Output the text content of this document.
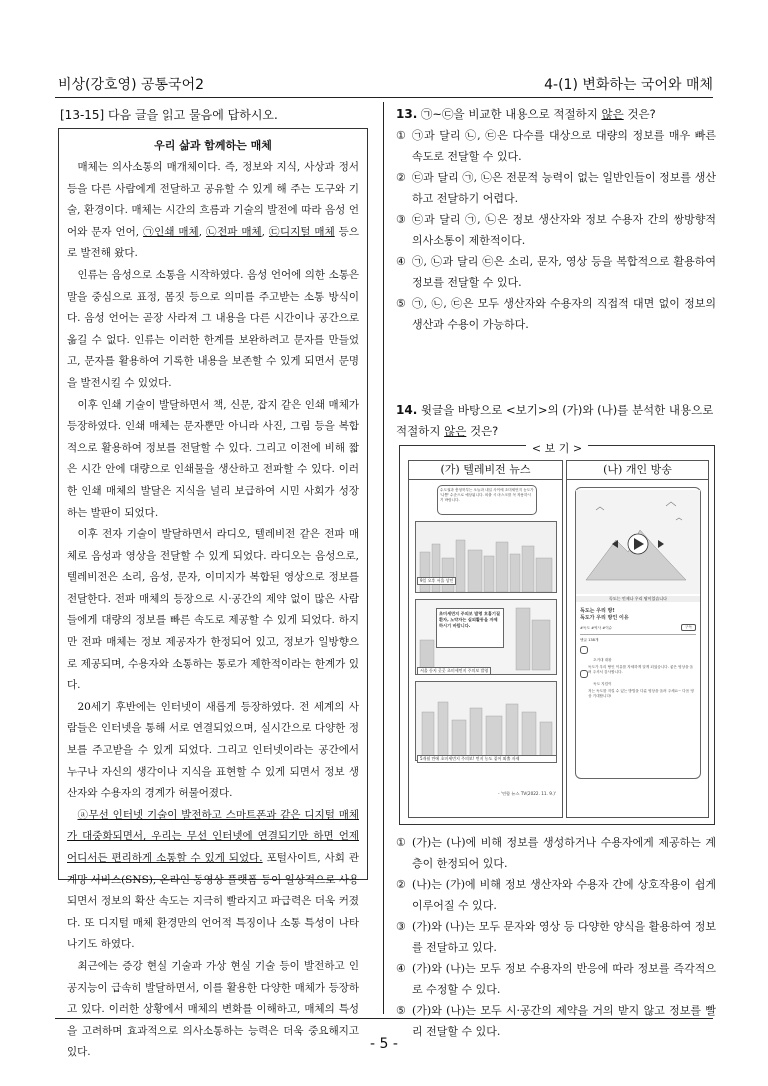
비상(강호영) 공통국어2	4-(1) 변화하는 국어와 매체
[13-15] 다음 글을 읽고 물음에 답하시오.
우리 삶과 함께하는 매체

매체는 의사소통의 매개체이다. 즉, 정보와 지식, 사상과 정서 등을 다른 사람에게 전달하고 공유할 수 있게 해 주는 도구와 기술, 환경이다. 매체는 시간의 흐름과 기술의 발전에 따라 음성 언어와 문자 언어, ㉠인쇄 매체, ㉡전파 매체, ㉢디지털 매체 등으로 발전해 왔다.

인류는 음성으로 소통을 시작하였다. 음성 언어에 의한 소통은 말을 중심으로 표정, 몸짓 등으로 의미를 주고받는 소통 방식이다. 음성 언어는 곧장 사라져 그 내용을 다른 시간이나 공간으로 옮길 수 없다. 인류는 이러한 한계를 보완하려고 문자를 만들었고, 문자를 활용하여 기록한 내용을 보존할 수 있게 되면서 문명을 발전시킬 수 있었다.

이후 인쇄 기술이 발달하면서 책, 신문, 잡지 같은 인쇄 매체가 등장하였다. 인쇄 매체는 문자뿐만 아니라 사진, 그림 등을 복합적으로 활용하여 정보를 전달할 수 있다. 그리고 이전에 비해 짧은 시간 안에 대량으로 인쇄물을 생산하고 전파할 수 있다. 이러한 인쇄 매체의 발달은 지식을 널리 보급하여 시민 사회가 성장하는 발판이 되었다.

이후 전자 기술이 발달하면서 라디오, 텔레비전 같은 전파 매체로 음성과 영상을 전달할 수 있게 되었다. 라디오는 음성으로, 텔레비전은 소리, 음성, 문자, 이미지가 복합된 영상으로 정보를 전달한다. 전파 매체의 등장으로 시·공간의 제약 없이 많은 사람들에게 대량의 정보를 빠른 속도로 제공할 수 있게 되었다. 하지만 전파 매체는 정보 제공자가 한정되어 있고, 정보가 일방향으로 제공되며, 수용자와 소통하는 통로가 제한적이라는 한계가 있다.

20세기 후반에는 인터넷이 새롭게 등장하였다. 전 세계의 사람들은 인터넷을 통해 서로 연결되었으며, 실시간으로 다양한 정보를 주고받을 수 있게 되었다. 그리고 인터넷이라는 공간에서 누구나 자신의 생각이나 지식을 표현할 수 있게 되면서 정보 생산자와 수용자의 경계가 허물어졌다.

ⓐ무선 인터넷 기술이 발전하고 스마트폰과 같은 디지털 매체가 대중화되면서, 우리는 무선 인터넷에 연결되기만 하면 언제 어디서든 편리하게 소통할 수 있게 되었다. 포털사이트, 사회 관계망 서비스(SNS), 온라인 동영상 플랫폼 등이 일상적으로 사용되면서 정보의 확산 속도는 지극히 빨라지고 파급력은 더욱 커졌다. 또 디지털 매체 환경만의 언어적 특징이나 소통 특성이 나타나기도 하였다.

최근에는 증강 현실 기술과 가상 현실 기술 등이 발전하고 인공지능이 급속히 발달하면서, 이를 활용한 다양한 매체가 등장하고 있다. 이러한 상황에서 매체의 변화를 이해하고, 매체의 특성을 고려하며 효과적으로 의사소통하는 능력은 더욱 중요해지고 있다.

13. ㉠~㉢을 비교한 내용으로 적절하지 않은 것은?
① ㉠과 달리 ㉡, ㉢은 다수를 대상으로 대량의 정보를 매우 빠른 속도로 전달할 수 있다.
② ㉢과 달리 ㉠, ㉡은 전문적 능력이 없는 일반인들이 정보를 생산하고 전달하기 어렵다.
③ ㉢과 달리 ㉠, ㉡은 정보 생산자와 정보 수용자 간의 쌍방향적 의사소통이 제한적이다.
④ ㉠, ㉡과 달리 ㉢은 소리, 문자, 영상 등을 복합적으로 활용하여 정보를 전달할 수 있다.
⑤ ㉠, ㉡, ㉢은 모두 생산자와 수용자의 직접적 대면 없이 정보의 생산과 수용이 가능하다.
14. 윗글을 바탕으로 <보기>의 (가)와 (나)를 분석한 내용으로 적절하지 않은 것은?
< 보 기 >
(가) 텔레비전 뉴스
수도권과 충청북부는 오늘과 내일 사이에 초미세먼지 농도가 '나쁨' 수준으로 예상됩니다. 외출 시 마스크를 꼭 착용하시기 바랍니다.
9일 오후 서울 상인
초미세먼지 주의보 발령 호흡기질환자, 노약자는 실외활동을 자제하시기 바랍니다.
서울 등지 곳곳 초미세먼지 주의보 발령
5개월 만에 초미세먼지 주의보! 먼지 농도 짙어 외출 자제
- '연합 뉴스 TV(2022. 11. 9.)'
(나) 개인 방송
독도는 언제나 우리 땅이었습니다
독도는 우리 땅!
독도가 우리 땅인 이유
#독도 #역사 #이슈	구독
댓글 138개
초거대 대왕
독도가 우리 땅인 이유를 자세하게 알게 되었습니다. 좋은 영상을 올려 주셔서 감사합니다.
독도 지킴이
저는 독도를 지킬 수 있는 방법을 다룬 영상을 올려 주세요~ 다음 영상 기대합니다!
① (가)는 (나)에 비해 정보를 생성하거나 수용자에게 제공하는 계층이 한정되어 있다.
② (나)는 (가)에 비해 정보 생산자와 수용자 간에 상호작용이 쉽게 이루어질 수 있다.
③ (가)와 (나)는 모두 문자와 영상 등 다양한 양식을 활용하여 정보를 전달하고 있다.
④ (가)와 (나)는 모두 정보 수용자의 반응에 따라 정보를 즉각적으로 수정할 수 있다.
⑤ (가)와 (나)는 모두 시·공간의 제약을 거의 받지 않고 정보를 빨리 전달할 수 있다.
- 5 -
